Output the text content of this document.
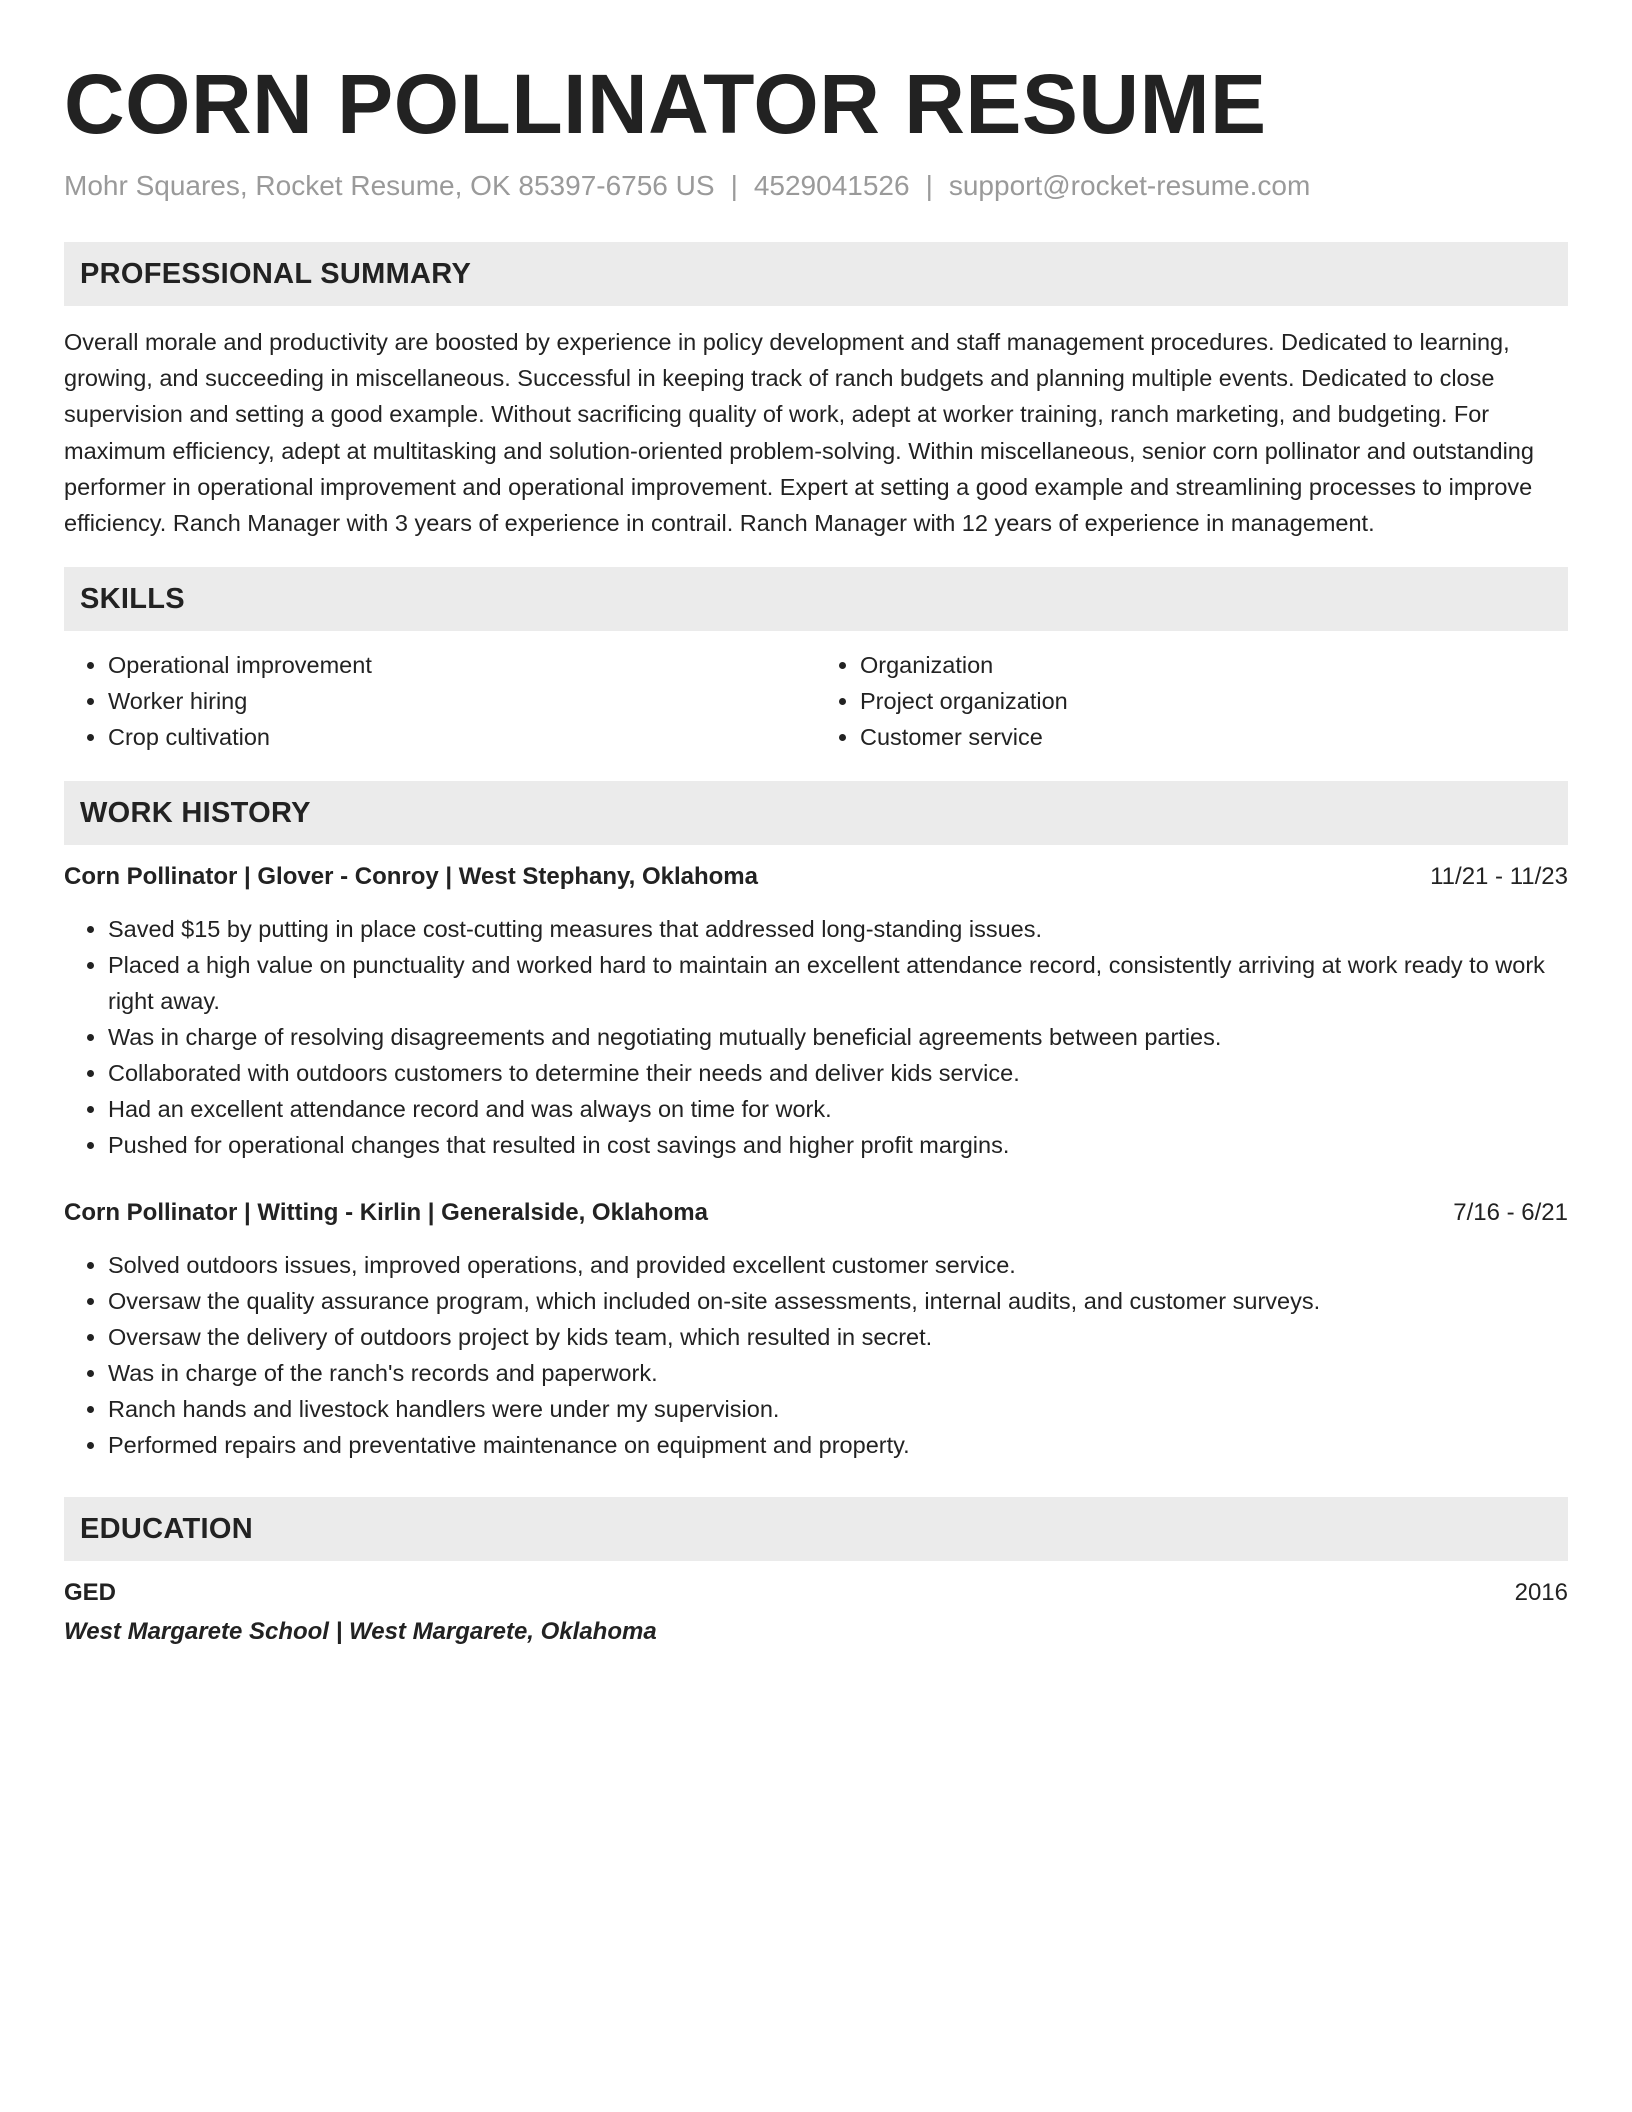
CORN POLLINATOR RESUME
Mohr Squares, Rocket Resume, OK 85397-6756 US | 4529041526 | support@rocket-resume.com
PROFESSIONAL SUMMARY

Overall morale and productivity are boosted by experience in policy development and staff management procedures. Dedicated to learning, growing, and succeeding in miscellaneous. Successful in keeping track of ranch budgets and planning multiple events. Dedicated to close supervision and setting a good example. Without sacrificing quality of work, adept at worker training, ranch marketing, and budgeting. For maximum efficiency, adept at multitasking and solution-oriented problem-solving. Within miscellaneous, senior corn pollinator and outstanding performer in operational improvement and operational improvement. Expert at setting a good example and streamlining processes to improve efficiency. Ranch Manager with 3 years of experience in contrail. Ranch Manager with 12 years of experience in management.

SKILLS
• Operational improvement
• Worker hiring
• Crop cultivation
• Organization
• Project organization
• Customer service
WORK HISTORY
Corn Pollinator | Glover - Conroy | West Stephany, Oklahoma	11/21 - 11/23
• Saved $15 by putting in place cost-cutting measures that addressed long-standing issues.
• Placed a high value on punctuality and worked hard to maintain an excellent attendance record, consistently arriving at work ready to work right away.
• Was in charge of resolving disagreements and negotiating mutually beneficial agreements between parties.
• Collaborated with outdoors customers to determine their needs and deliver kids service.
• Had an excellent attendance record and was always on time for work.
• Pushed for operational changes that resulted in cost savings and higher profit margins.
Corn Pollinator | Witting - Kirlin | Generalside, Oklahoma	7/16 - 6/21
• Solved outdoors issues, improved operations, and provided excellent customer service.
• Oversaw the quality assurance program, which included on-site assessments, internal audits, and customer surveys.
• Oversaw the delivery of outdoors project by kids team, which resulted in secret.
• Was in charge of the ranch's records and paperwork.
• Ranch hands and livestock handlers were under my supervision.
• Performed repairs and preventative maintenance on equipment and property.
EDUCATION
GED	2016
West Margarete School | West Margarete, Oklahoma
